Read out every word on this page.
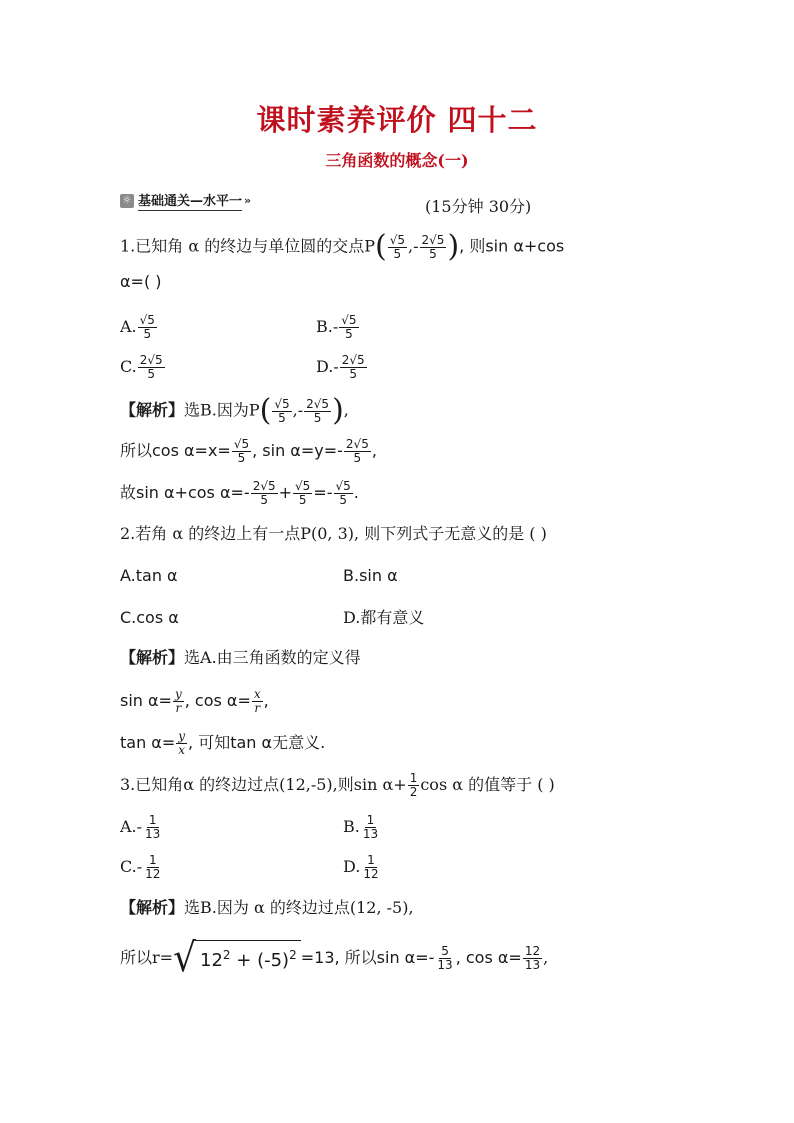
课时素养评价 四十二
三角函数的概念(一)
☼ 基础通关—水平一 »	(15分钟 30分)
1.已知角 α 的终边与单位圆的交点$P( \frac{√5}{5}$ ,- $\frac{2√5}{5}$ ), 则sin α+cos
α=( )
A. $\frac{√5}{5}$	$B.- \frac{√5}{5}$
C. $\frac{2√5}{5}$	$D.- \frac{2√5}{5}$
【解析】选B.因为$P( \frac{√5}{5}$ ,- $\frac{2√5}{5}$ ),
所以$\cos \alpha=x= \frac{√5}{5}$ , $\sin \alpha=y=- \frac{2√5}{5}$ ,
故sin α+cos $\alpha=- \frac{2√5}{5} + \frac{√5}{5} =- \frac{√5}{5}$ .
2.若角 α 的终边上有一点P(0, 3), 则下列式子无意义的是 ( )
A.tan α	B.sin α
C.cos α	D.都有意义
【解析】选A.由三角函数的定义得
$\sin \alpha= \frac{y}{r}$ , $\cos \alpha= \frac{x}{r}$ ,
$\tan \alpha= \frac{y}{x}$ , 可知tan α无意义.
3.已知角α 的终边过点(12,-5),则$\sin \alpha+ \frac{1}{2}$ cos α 的值等于 ( )
$A.- \frac{1}{13}$	B. $\frac{1}{13}$
$C.- \frac{1}{12}$	D. $\frac{1}{12}$
【解析】选B.因为 α 的终边过点(12, -5),
所以r= √ $12^2 + (-5)^2 =13$, 所以$\sin \alpha=- \frac{5}{13}$ , $\cos \alpha= \frac{12}{13}$ ,
